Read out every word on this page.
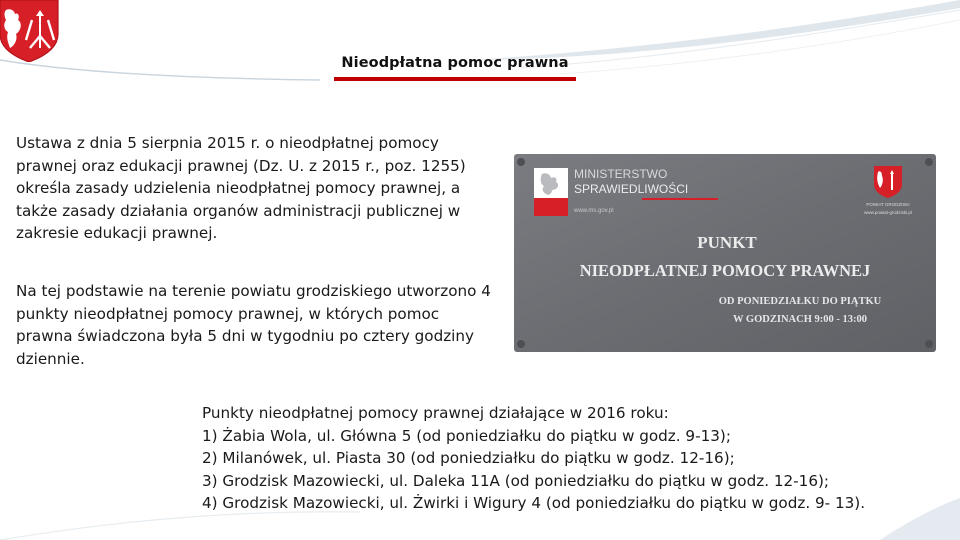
Nieodpłatna pomoc prawna
Ustawa z dnia 5 sierpnia 2015 r. o nieodpłatnej pomocy prawnej oraz edukacji prawnej (Dz. U. z 2015 r., poz. 1255) określa zasady udzielenia nieodpłatnej pomocy prawnej, a także zasady działania organów administracji publicznej w zakresie edukacji prawnej.
Na tej podstawie na terenie powiatu grodziskiego utworzono 4 punkty nieodpłatnej pomocy prawnej, w których pomoc prawna świadczona była 5 dni w tygodniu po cztery godziny dziennie.
MINISTERSTWO
SPRAWIEDLIWOŚCI
www.ms.gov.pl
POWIAT GRODZISKI
www.powiat-grodziski.pl
PUNKT
NIEODPŁATNEJ POMOCY PRAWNEJ
OD PONIEDZIAŁKU DO PIĄTKU
W GODZINACH 9:00 - 13:00
Punkty nieodpłatnej pomocy prawnej działające w 2016 roku:
1) Żabia Wola, ul. Główna 5 (od poniedziałku do piątku w godz. 9-13);
2) Milanówek, ul. Piasta 30 (od poniedziałku do piątku w godz. 12-16);
3) Grodzisk Mazowiecki, ul. Daleka 11A (od poniedziałku do piątku w godz. 12-16);
4) Grodzisk Mazowiecki, ul. Żwirki i Wigury 4 (od poniedziałku do piątku w godz. 9- 13).
